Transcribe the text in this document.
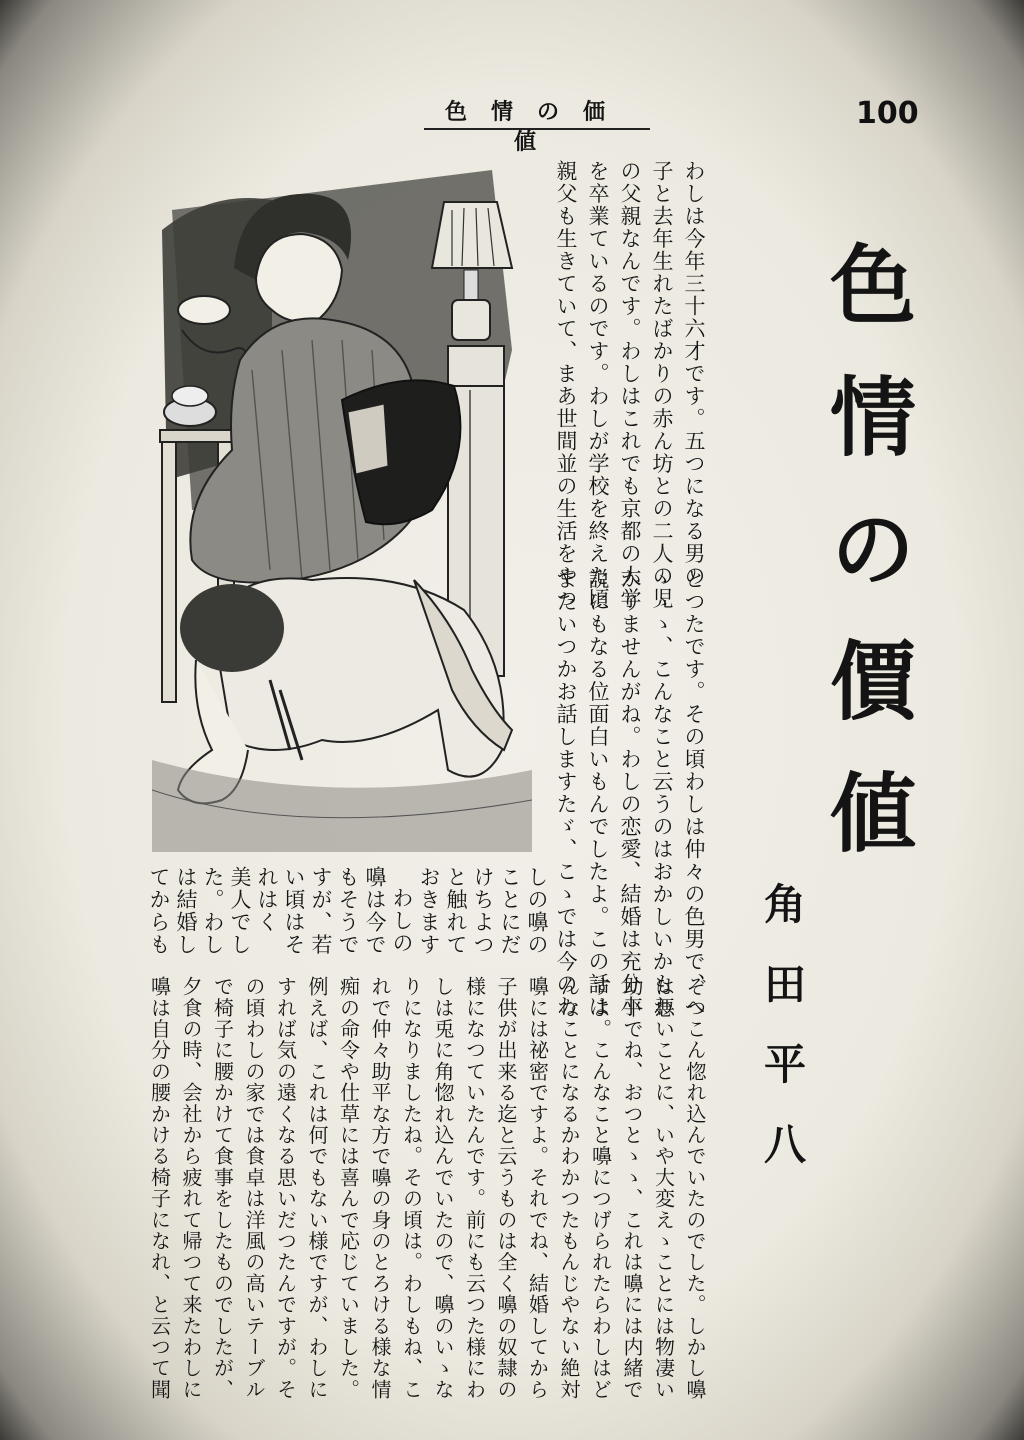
色情の価値
100
色情の價値
角田平八
わしは今年三十六才です。五つになる男の
子と去年生れたばかりの赤ん坊との二人の児
の父親なんです。わしはこれでも京都の大学
を卒業ているのです。わしが学校を終えた頃
親父も生きていて、まあ世間並の生活をやつ
とつたです。その頃わしは仲々の色男で、へ
ゝゝゝ、こんなこと云うのはおかしいかもわ
かりませんがね。わしの恋愛、結婚は充分小
説にもなる位面白いもんでしたよ。この話は
またいつかお話しますたゞ、こゝでは今のわ
しの嚊の
ことにだ
けちよつ
と触れて
おきます
わしの
嚊は今で
もそうで
すが、若
い頃はそ
れはく
美人でし
た。わし
は結婚し
てからも
ぞつこん惚れ込んでいたのでした。しかし嚊
は悪いことに、いや大変えゝことには物凄い
助平でね、おつとゝゝ、これは嚊には内緒で
すよ。こんなこと嚊につげられたらわしはど
んなことになるかわかつたもんじやない絶対
嚊には祕密ですよ。それでね、結婚してから
子供が出来る迄と云うものは全く嚊の奴隷の
様になつていたんです。前にも云つた様にわ
しは兎に角惚れ込んでいたので、嚊のいゝな
りになりましたね。その頃は。わしもね、こ
れで仲々助平な方で嚊の身のとろける様な情
痴の命令や仕草には喜んで応じていました。
例えば、これは何でもない様ですが、わしに
すれば気の遠くなる思いだつたんですが。そ
の頃わしの家では食卓は洋風の高いテーブル
で椅子に腰かけて食事をしたものでしたが、
夕食の時、会社から疲れて帰つて来たわしに
嚊は自分の腰かける椅子になれ、と云つて聞
